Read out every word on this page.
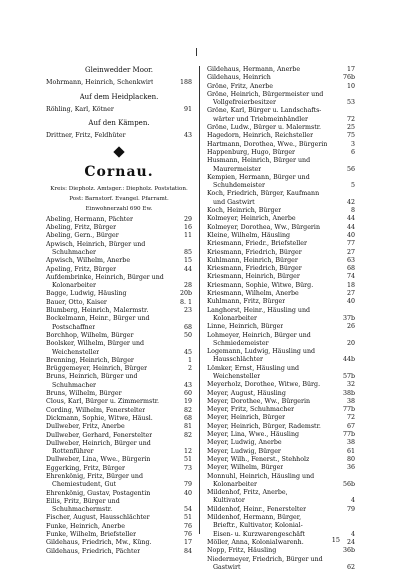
Gleinwedder Moor.
Mohrmann, Heinrich, Schenkwirt	188
Auf dem Heidplacken.
Röhling, Karl, Kötner	91
Auf den Kämpen.
Drittner, Fritz, Feldhüter	43
Cornau.
Kreis: Diepholz. Amtsger.: Diepholz. Poststation.
Post: Barnstorf. Evangel. Pfarramt.
Einwohnerzahl 690 Ew.
Abeling, Hermann, Pächter	29
Abeling, Fritz, Bürger	16
Abeling, Gern., Bürger	11
Apwisch, Heinrich, Bürger und
Schuhmacher	85
Apwisch, Wilhelm, Anerbe	15
Apeling, Fritz, Bürger	44
Aufdembrinke, Heinrich, Bürger und
Kolonarbeiter	28
Bagge, Ludwig, Häusling	20b
Bauer, Otto, Kaiser	8. 1
Blumberg, Heinrich, Malermstr.	23
Bockelmann, Heinr., Bürger und
Postschaffner	68
Borchhop, Wilhelm, Bürger	50
Boolsker, Wilhelm, Bürger und
Weichensteller	45
Brenning, Heinrich, Bürger	1
Brüggemeyer, Heinrich, Bürger	2
Bruns, Heinrich, Bürger und
Schuhmacher	43
Bruns, Wilhelm, Bürger	60
Clous, Karl, Bürger u. Zimmermstr.	19
Cording, Wilhelm, Fenerstelter	82
Dickmann, Sophie, Witwe, Häusl.	68
Dullweber, Fritz, Anerbe	81
Dullweber, Gerhard, Fenerstelter	82
Dullweber, Heinrich, Bürger und
Rottenführer	12
Dullweber, Lina, Wwe., Bürgerin	51
Eggerking, Fritz, Bürger	73
Ehrenkönig, Fritz, Bürger und
Chemiestudent, Gut	79
Ehrenkönig, Gustav, Postagentin	40
Eilis, Fritz, Bürger und
Schuhmachermstr.	54
Fischer, August, Hausschlächter	51
Funke, Heinrich, Anerbe	76
Funke, Wilhelm, Briefsteller	76
Gildehaus, Friedrich, Mw., Küng.	17
Gildehaus, Friedrich, Pächter	84
Gildehaus, Hermann, Anerbe	17
Gildehaus, Heinrich	76b
Gröne, Fritz, Anerbe	10
Gröne, Heinrich, Bürgermeister und
Vollgefreierbesitzer	53
Gröne, Karl, Bürger u. Landschafts-
wärter und Triebmeinhändler	72
Gröne, Ludw., Bürger u. Malermstr.	25
Hagedorn, Heinrich, Reichsteller	75
Hartmann, Dorothea, Wwe., Bürgerin	3
Happenburg, Hugo, Bürger	6
Husmann, Heinrich, Bürger und
Maurermeister	56
Kempien, Hermann, Bürger und
Schuhdemeister	5
Koch, Friedrich, Bürger, Kaufmann
und Gastwirt	42
Koch, Heinrich, Bürger	8
Kolmeyer, Heinrich, Anerbe	44
Kolmeyer, Dorothea, Ww., Bürgerin	44
Kleine, Wilhelm, Häusling	40
Kriesmann, Friedr., Briefsteller	77
Kriesmann, Friedrich, Bürger	27
Kuhlmann, Heinrich, Bürger	63
Kriesmann, Friedrich, Bürger	68
Kriesmann, Heinrich, Bürger	74
Kriesmann, Sophie, Witwe, Bürg.	18
Kriesmann, Wilhelm, Anerbe	27
Kuhlmann, Fritz, Bürger	40
Langhorst, Heinr., Häusling und
Kolonarbeiter	37b
Linne, Heinrich, Bürger	26
Lohmeyer, Heinrich, Bürger und
Schmiedemeister	20
Logemann, Ludwig, Häusling und
Hausschlächter	44b
Lömker, Ernst, Häusling und
Weichensteller	57b
Meyerholz, Dorothee, Witwe, Bürg.	32
Meyer, August, Häusling	38b
Meyer, Dorothee, Ww., Bürgerin	38
Meyer, Fritz, Schuhmacher	77b
Meyer, Heinrich, Bürger	72
Meyer, Heinrich, Bürger, Rademstr.	67
Meyer, Lina, Wwe., Häusling	77b
Meyer, Ludwig, Anerbe	38
Meyer, Ludwig, Bürger	61
Meyer, Wilh., Fenerst., Stehholz	80
Meyer, Wilhelm, Bürger	36
Monnuhl, Heinrich, Häusling und
Kolonarbeiter	56b
Mildenhof, Fritz, Anerbe,
Kultivator	4
Mildenhof, Heinr., Fenerstelter	79
Mildenhof, Hermann, Bürger,
Brieftr., Kultivator, Kolonial-
Eisen- u. Kurzwarengeschäft	4
Möller, Anna, Kolonialwarenh.	24
Nopp, Fritz, Häusling	36b
Niedermeyer, Friedrich, Bürger und
Gastwirt	62
15
